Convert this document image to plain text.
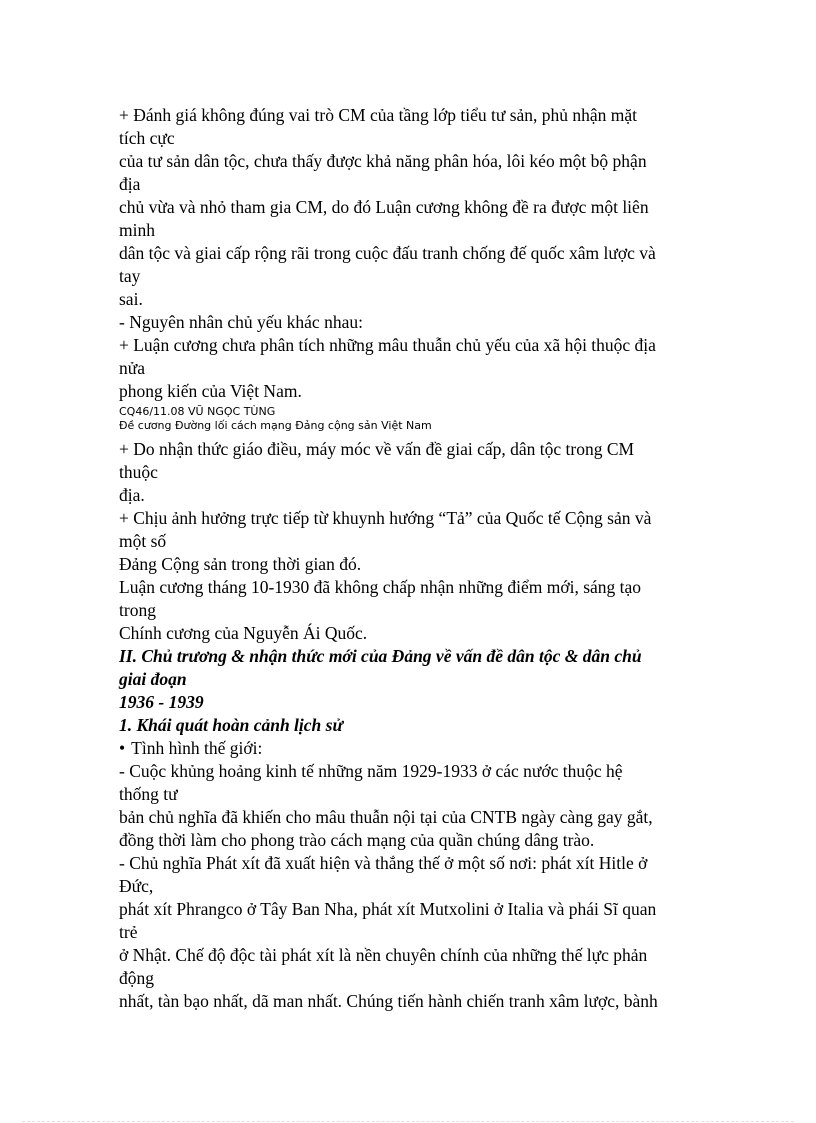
+ Đánh giá không đúng vai trò CM của tầng lớp tiểu tư sản, phủ nhận mặt
tích cực
của tư sản dân tộc, chưa thấy được khả năng phân hóa, lôi kéo một bộ phận
địa
chủ vừa và nhỏ tham gia CM, do đó Luận cương không đề ra được một liên
minh
dân tộc và giai cấp rộng rãi trong cuộc đấu tranh chống đế quốc xâm lược và
tay
sai.
- Nguyên nhân chủ yếu khác nhau:
+ Luận cương chưa phân tích những mâu thuẫn chủ yếu của xã hội thuộc địa
nửa
phong kiến của Việt Nam.
CQ46/11.08 VŨ NGỌC TÙNG
Đề cương Đường lối cách mạng Đảng cộng sản Việt Nam
+ Do nhận thức giáo điều, máy móc về vấn đề giai cấp, dân tộc trong CM
thuộc
địa.
+ Chịu ảnh hưởng trực tiếp từ khuynh hướng “Tả” của Quốc tế Cộng sản và
một số
Đảng Cộng sản trong thời gian đó.
Luận cương tháng 10-1930 đã không chấp nhận những điểm mới, sáng tạo
trong
Chính cương của Nguyễn Ái Quốc.
II. Chủ trương & nhận thức mới của Đảng về vấn đề dân tộc & dân chủ
giai đoạn
1936 - 1939
1. Khái quát hoàn cảnh lịch sử
• Tình hình thế giới:
- Cuộc khủng hoảng kinh tế những năm 1929-1933 ở các nước thuộc hệ
thống tư
bản chủ nghĩa đã khiến cho mâu thuẫn nội tại của CNTB ngày càng gay gắt,
đồng thời làm cho phong trào cách mạng của quần chúng dâng trào.
- Chủ nghĩa Phát xít đã xuất hiện và thắng thế ở một số nơi: phát xít Hitle ở
Đức,
phát xít Phrangco ở Tây Ban Nha, phát xít Mutxolini ở Italia và phái Sĩ quan
trẻ
ở Nhật. Chế độ độc tài phát xít là nền chuyên chính của những thế lực phản
động
nhất, tàn bạo nhất, dã man nhất. Chúng tiến hành chiến tranh xâm lược, bành
